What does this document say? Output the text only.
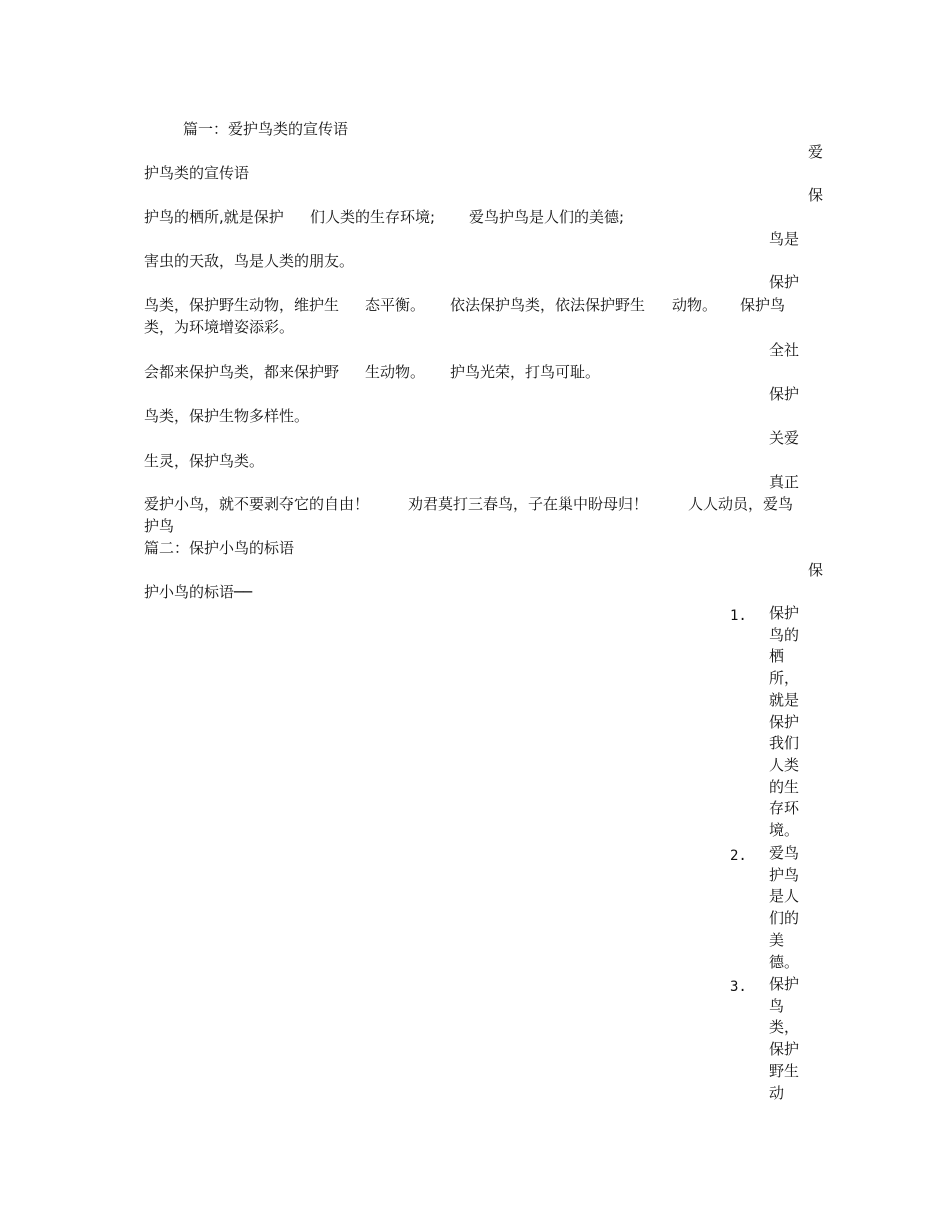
篇一：爱护鸟类的宣传语
爱
护鸟类的宣传语
保
护鸟的栖所,就是保护 们人类的生存环境; 爱鸟护鸟是人们的美德;
鸟是
害虫的天敌，鸟是人类的朋友。
保护
鸟类，保护野生动物，维护生 态平衡。 依法保护鸟类，依法保护野生 动物。 保护鸟
类，为环境增姿添彩。
全社
会都来保护鸟类，都来保护野 生动物。 护鸟光荣，打鸟可耻。
保护
鸟类，保护生物多样性。
关爱
生灵，保护鸟类。
真正
爱护小鸟，就不要剥夺它的自由！	劝君莫打三春鸟，子在巢中盼母归！	人人动员，爱鸟
护鸟
篇二：保护小鸟的标语
保
护小鸟的标语──
1. 保护鸟的栖所，就是保护我们人类的生存环境。
2. 爱鸟护鸟是人们的美德。
3. 保护鸟类，保护野生动
